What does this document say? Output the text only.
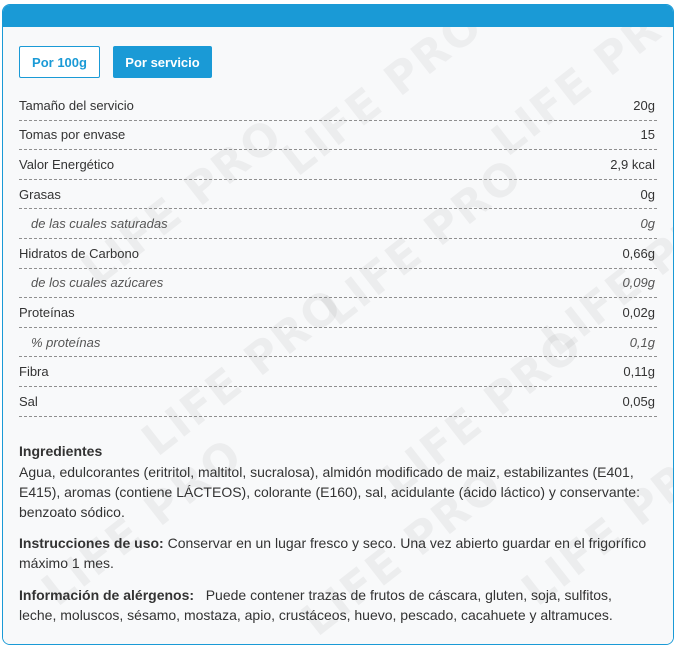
Por 100g	Por servicio
Tamaño del servicio	20g
Tomas por envase	15
Valor Energético	2,9 kcal
Grasas	0g
de las cuales saturadas	0g
Hidratos de Carbono	0,66g
de los cuales azúcares	0,09g
Proteínas	0,02g
% proteínas	0,1g
Fibra	0,11g
Sal	0,05g
Ingredientes

Agua, edulcorantes (eritritol, maltitol, sucralosa), almidón modificado de maiz, estabilizantes (E401, E415), aromas (contiene LÁCTEOS), colorante (E160), sal, acidulante (ácido láctico) y conservante: benzoato sódico.

Instrucciones de uso: Conservar en un lugar fresco y seco. Una vez abierto guardar en el frigorífico máximo 1 mes.

Información de alérgenos: Puede contener trazas de frutos de cáscara, gluten, soja, sulfitos, leche, moluscos, sésamo, mostaza, apio, crustáceos, huevo, pescado, cacahuete y altramuces.
